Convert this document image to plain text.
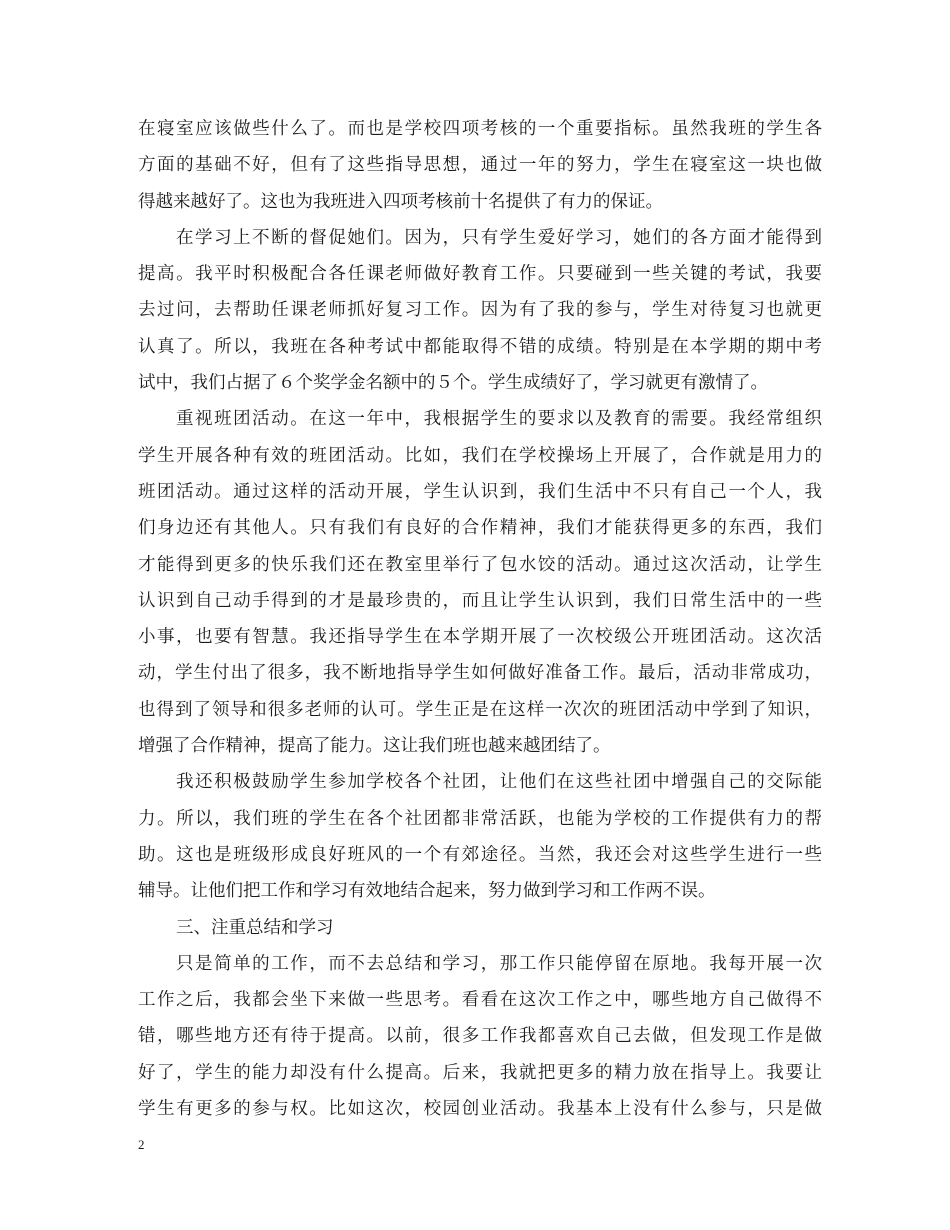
在寝室应该做些什么了。而也是学校四项考核的一个重要指标。虽然我班的学生各
方面的基础不好，但有了这些指导思想，通过一年的努力，学生在寝室这一块也做
得越来越好了。这也为我班进入四项考核前十名提供了有力的保证。
在学习上不断的督促她们。因为，只有学生爱好学习，她们的各方面才能得到
提高。我平时积极配合各任课老师做好教育工作。只要碰到一些关键的考试，我要
去过问，去帮助任课老师抓好复习工作。因为有了我的参与，学生对待复习也就更
认真了。所以，我班在各种考试中都能取得不错的成绩。特别是在本学期的期中考
试中，我们占据了６个奖学金名额中的５个。学生成绩好了，学习就更有激情了。
重视班团活动。在这一年中，我根据学生的要求以及教育的需要。我经常组织
学生开展各种有效的班团活动。比如，我们在学校操场上开展了，合作就是用力的
班团活动。通过这样的活动开展，学生认识到，我们生活中不只有自己一个人，我
们身边还有其他人。只有我们有良好的合作精神，我们才能获得更多的东西，我们
才能得到更多的快乐我们还在教室里举行了包水饺的活动。通过这次活动，让学生
认识到自己动手得到的才是最珍贵的，而且让学生认识到，我们日常生活中的一些
小事，也要有智慧。我还指导学生在本学期开展了一次校级公开班团活动。这次活
动，学生付出了很多，我不断地指导学生如何做好准备工作。最后，活动非常成功，
也得到了领导和很多老师的认可。学生正是在这样一次次的班团活动中学到了知识，
增强了合作精神，提高了能力。这让我们班也越来越团结了。
我还积极鼓励学生参加学校各个社团，让他们在这些社团中增强自己的交际能
力。所以，我们班的学生在各个社团都非常活跃，也能为学校的工作提供有力的帮
助。这也是班级形成良好班风的一个有郊途径。当然，我还会对这些学生进行一些
辅导。让他们把工作和学习有效地结合起来，努力做到学习和工作两不误。
三、注重总结和学习
只是简单的工作，而不去总结和学习，那工作只能停留在原地。我每开展一次
工作之后，我都会坐下来做一些思考。看看在这次工作之中，哪些地方自己做得不
错，哪些地方还有待于提高。以前，很多工作我都喜欢自己去做，但发现工作是做
好了，学生的能力却没有什么提高。后来，我就把更多的精力放在指导上。我要让
学生有更多的参与权。比如这次，校园创业活动。我基本上没有什么参与，只是做
2
